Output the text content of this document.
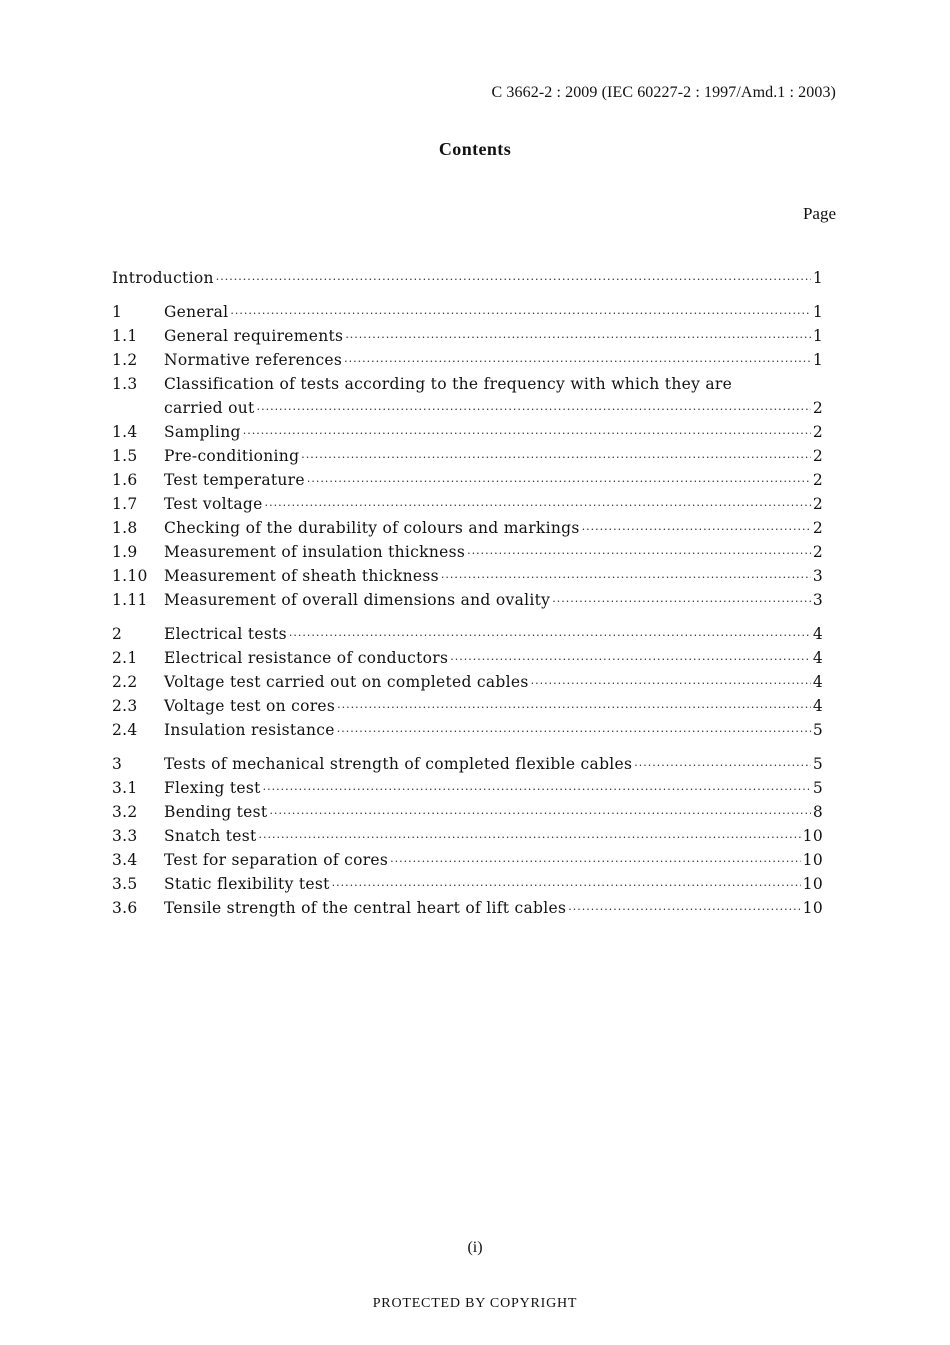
C 3662-2 : 2009 (IEC 60227-2 : 1997/Amd.1 : 2003)
Contents
Page
Introduction ·····	1
1	General ·····	1
1.1	General requirements ·····	1
1.2	Normative references ·····	1
1.3	Classification of tests according to the frequency with which they are
carried out ·····	2
1.4	Sampling ·····	2
1.5	Pre-conditioning ·····	2
1.6	Test temperature ·····	2
1.7	Test voltage ·····	2
1.8	Checking of the durability of colours and markings ·····	2
1.9	Measurement of insulation thickness ·····	2
1.10	Measurement of sheath thickness ·····	3
1.11	Measurement of overall dimensions and ovality ·····	3
2	Electrical tests ·····	4
2.1	Electrical resistance of conductors ·····	4
2.2	Voltage test carried out on completed cables ·····	4
2.3	Voltage test on cores ·····	4
2.4	Insulation resistance ·····	5
3	Tests of mechanical strength of completed flexible cables ·····	5
3.1	Flexing test ·····	5
3.2	Bending test ·····	8
3.3	Snatch test ·····	10
3.4	Test for separation of cores ·····	10
3.5	Static flexibility test ·····	10
3.6	Tensile strength of the central heart of lift cables ·····	10
(i)
PROTECTED BY COPYRIGHT
